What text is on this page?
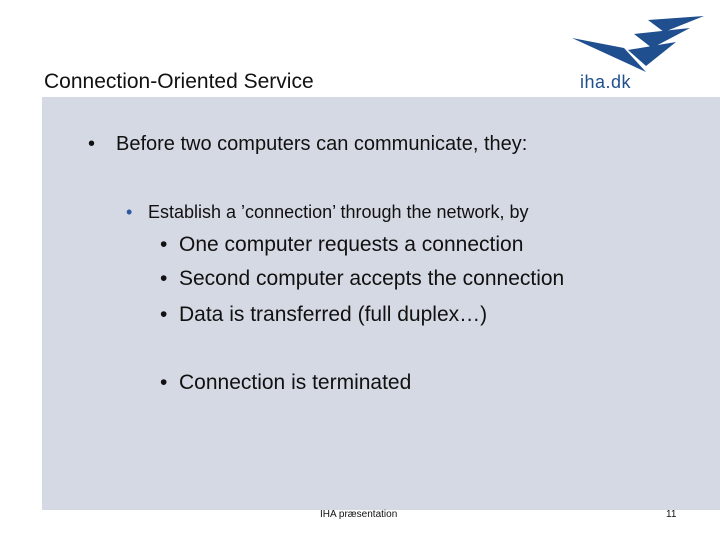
Connection-Oriented Service	iha.dk
• Before two computers can communicate, they:
• Establish a ’connection’ through the network, by
• One computer requests a connection
• Second computer accepts the connection
• Data is transferred (full duplex…)
• Connection is terminated
IHA præsentation	11
